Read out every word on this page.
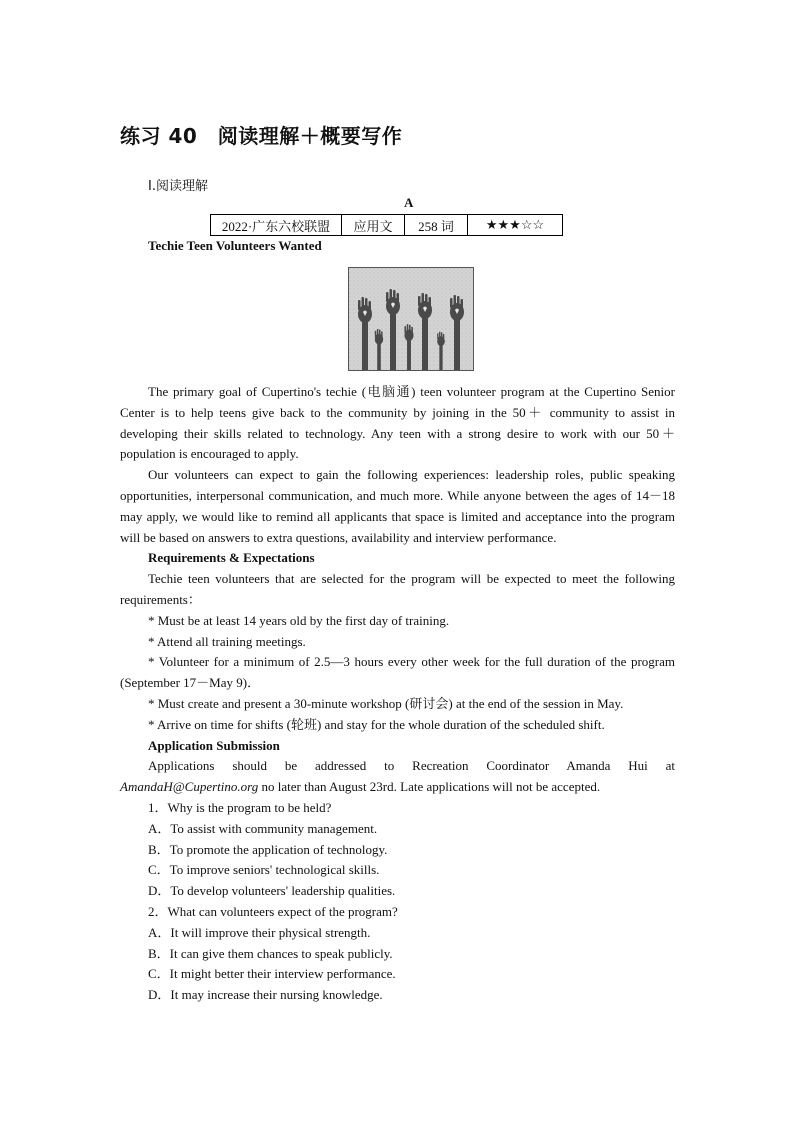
练习 40　阅读理解＋概要写作
Ⅰ.阅读理解
A
2022·广东六校联盟	应用文	258 词	★★★☆☆
Techie Teen Volunteers Wanted

The primary goal of Cupertino's techie (电脑通) teen volunteer program at the Cupertino Senior Center is to help teens give back to the community by joining in the 50＋ community to assist in developing their skills related to technology. Any teen with a strong desire to work with our 50＋ population is encouraged to apply.

Our volunteers can expect to gain the following experiences: leadership roles, public speaking opportunities, interpersonal communication, and much more. While anyone between the ages of 14－18 may apply, we would like to remind all applicants that space is limited and acceptance into the program will be based on answers to extra questions, availability and interview performance.

Requirements & Expectations

Techie teen volunteers that are selected for the program will be expected to meet the following requirements：

* Must be at least 14 years old by the first day of training.

* Attend all training meetings.

* Volunteer for a minimum of 2.5—3 hours every other week for the full duration of the program (September 17－May 9)．

* Must create and present a 30-minute workshop (研讨会) at the end of the session in May.

* Arrive on time for shifts (轮班) and stay for the whole duration of the scheduled shift.

Application Submission

Applications should be addressed to Recreation Coordinator Amanda Hui at AmandaH@Cupertino.org no later than August 23rd. Late applications will not be accepted.

1．Why is the program to be held?

A．To assist with community management.

B．To promote the application of technology.

C．To improve seniors' technological skills.

D．To develop volunteers' leadership qualities.

2．What can volunteers expect of the program?

A．It will improve their physical strength.

B．It can give them chances to speak publicly.

C．It might better their interview performance.

D．It may increase their nursing knowledge.
